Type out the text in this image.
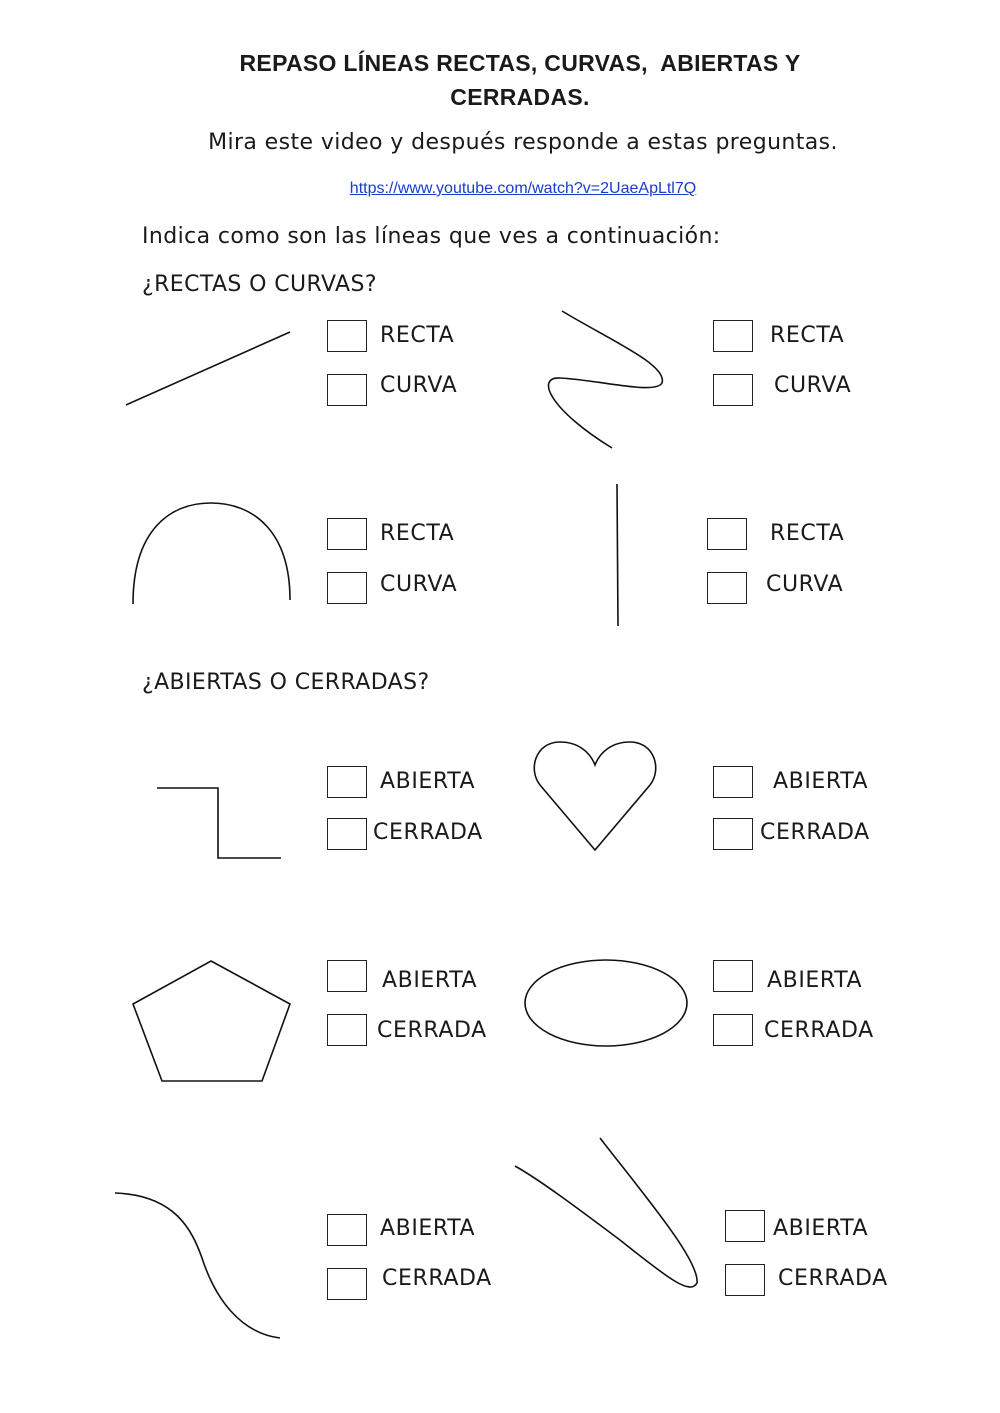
REPASO LÍNEAS RECTAS, CURVAS,  ABIERTAS Y
CERRADAS.
Mira este video y después responde a estas preguntas.
https://www.youtube.com/watch?v=2UaeApLtl7Q
Indica como son las líneas que ves a continuación:
¿RECTAS O CURVAS?
¿ABIERTAS O CERRADAS?
RECTA
CURVA
RECTA
CURVA
RECTA
CURVA
RECTA
CURVA
ABIERTA
CERRADA
ABIERTA
CERRADA
ABIERTA
CERRADA
ABIERTA
CERRADA
ABIERTA
CERRADA
ABIERTA
CERRADA
